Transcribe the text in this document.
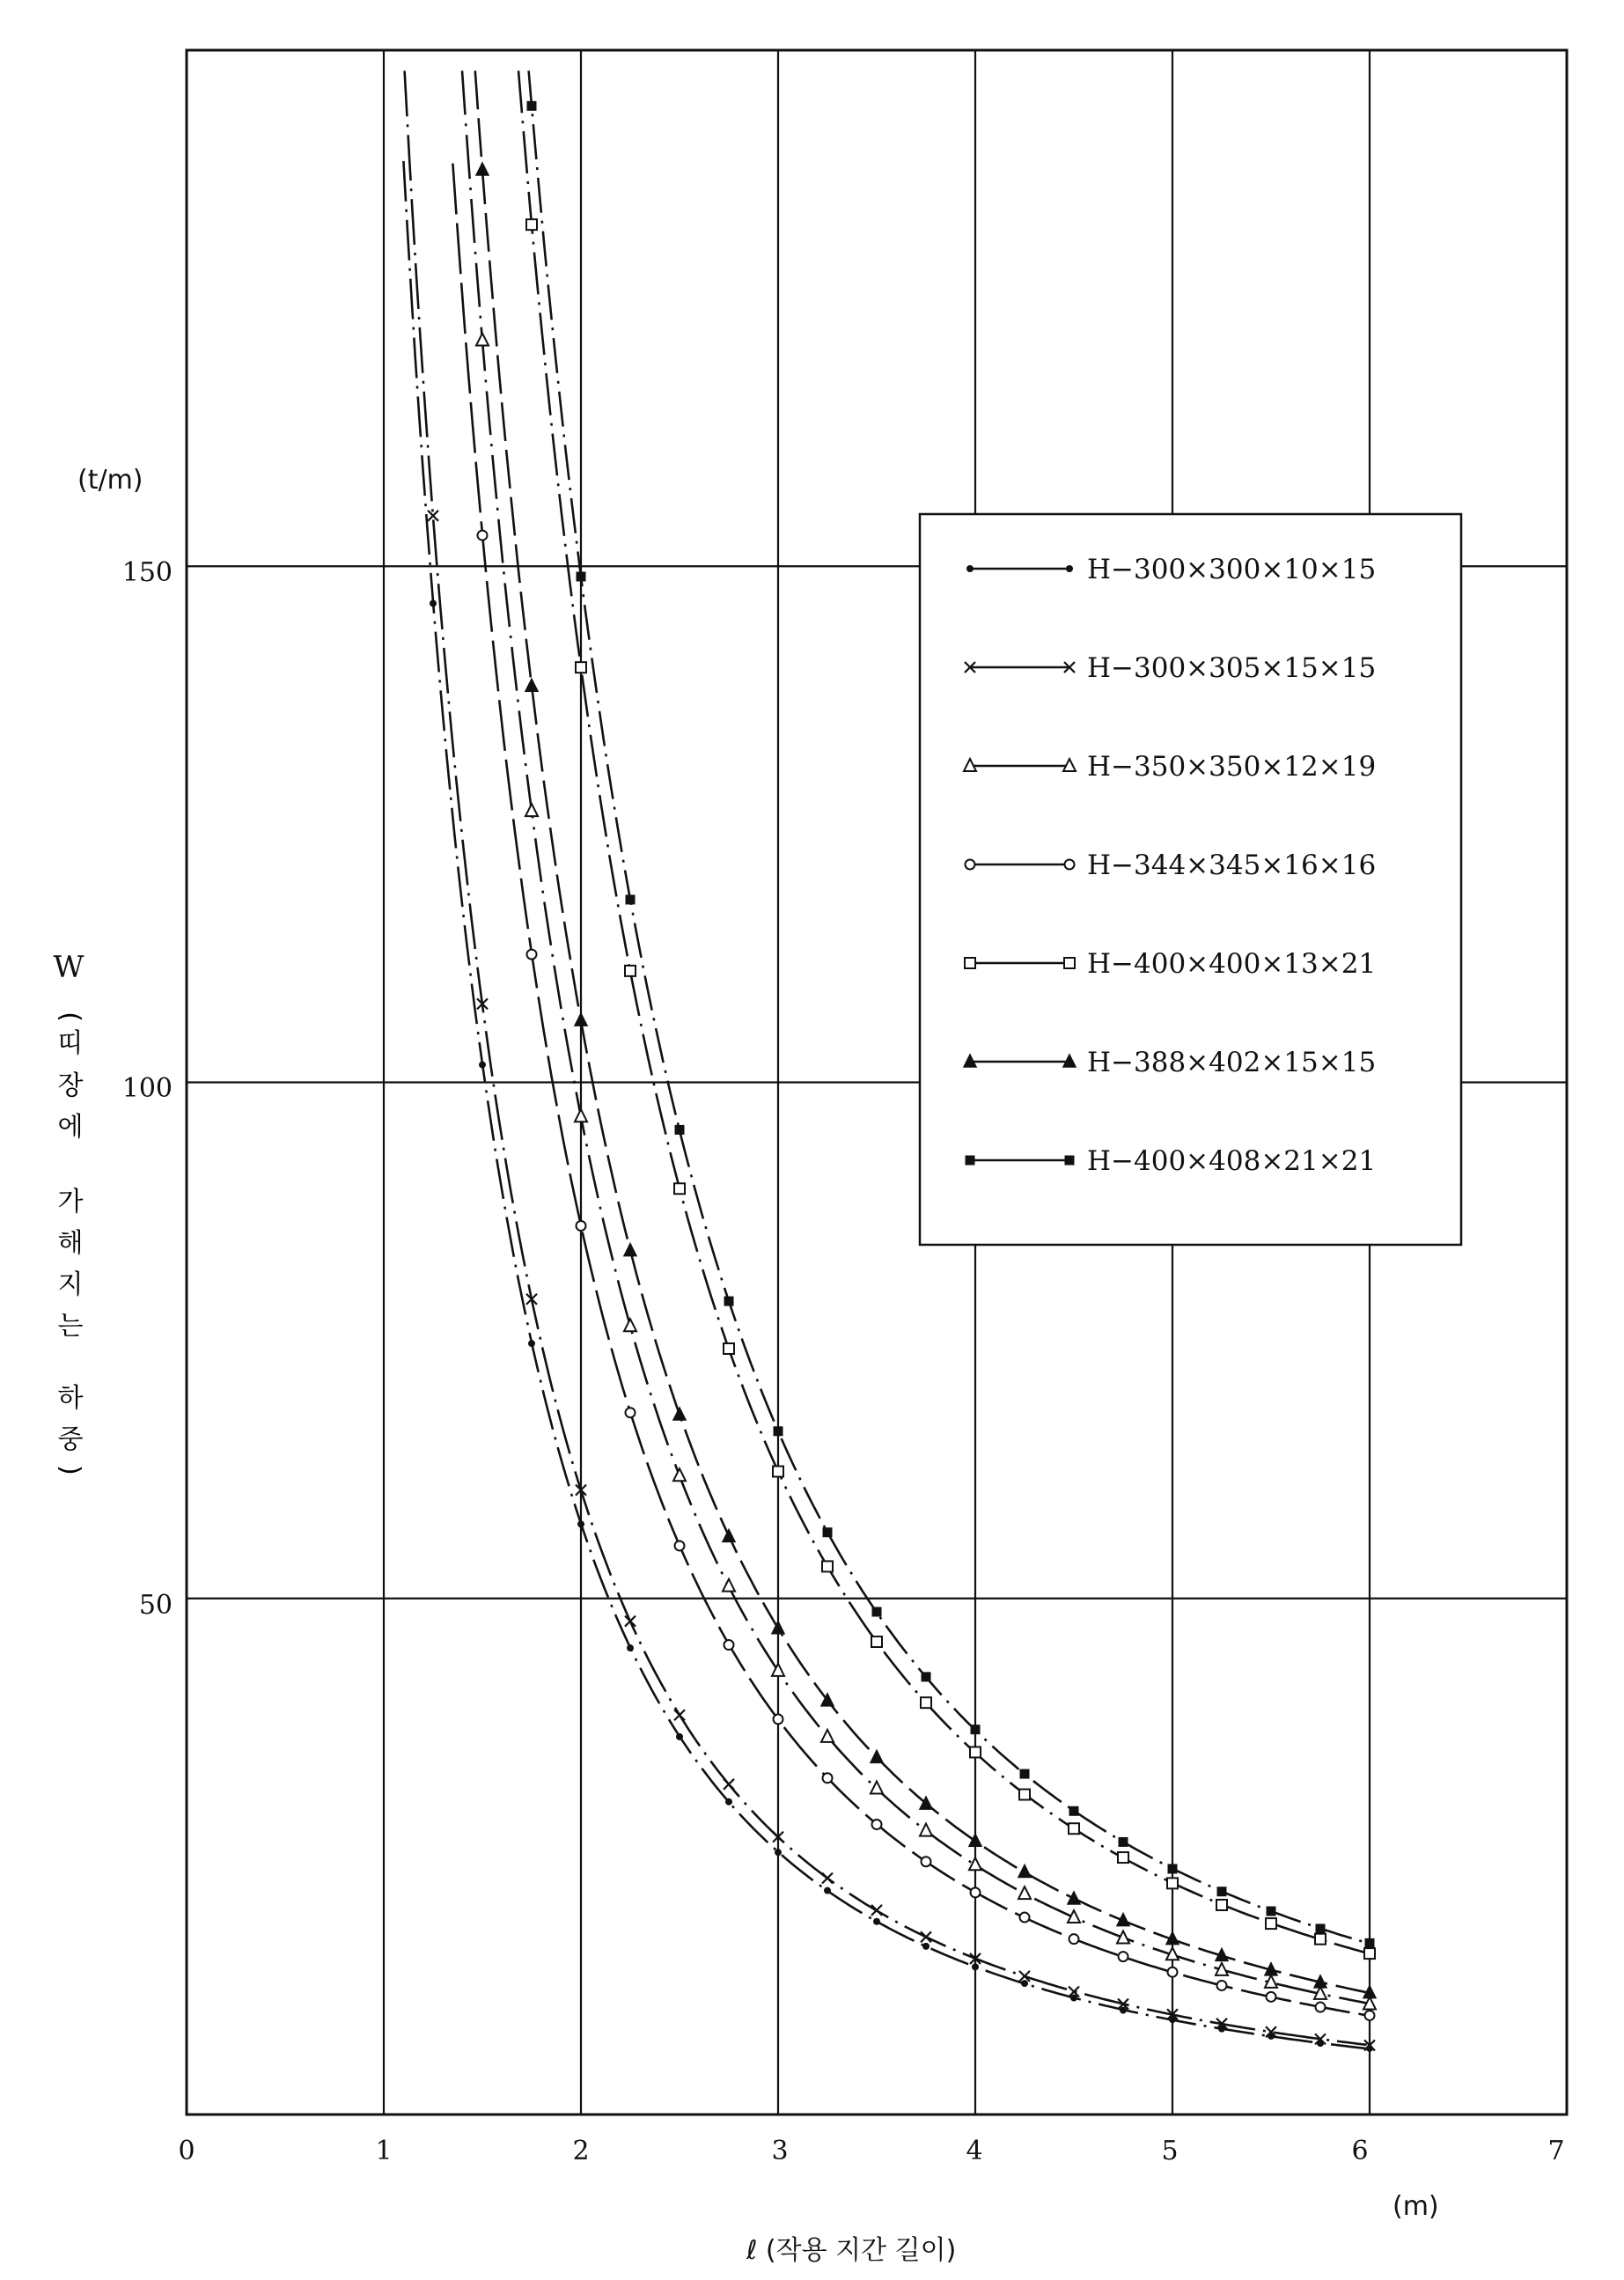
0	1	2	3	4	5	6	7
50
100
150
(t/m)
W
(
띠
장
에
가
해
지
는
하
중
)
ℓ (작용 지간 길이)
(m)
H−300×300×10×15
H−300×305×15×15
H−350×350×12×19
H−344×345×16×16
H−400×400×13×21
H−388×402×15×15
H−400×408×21×21
